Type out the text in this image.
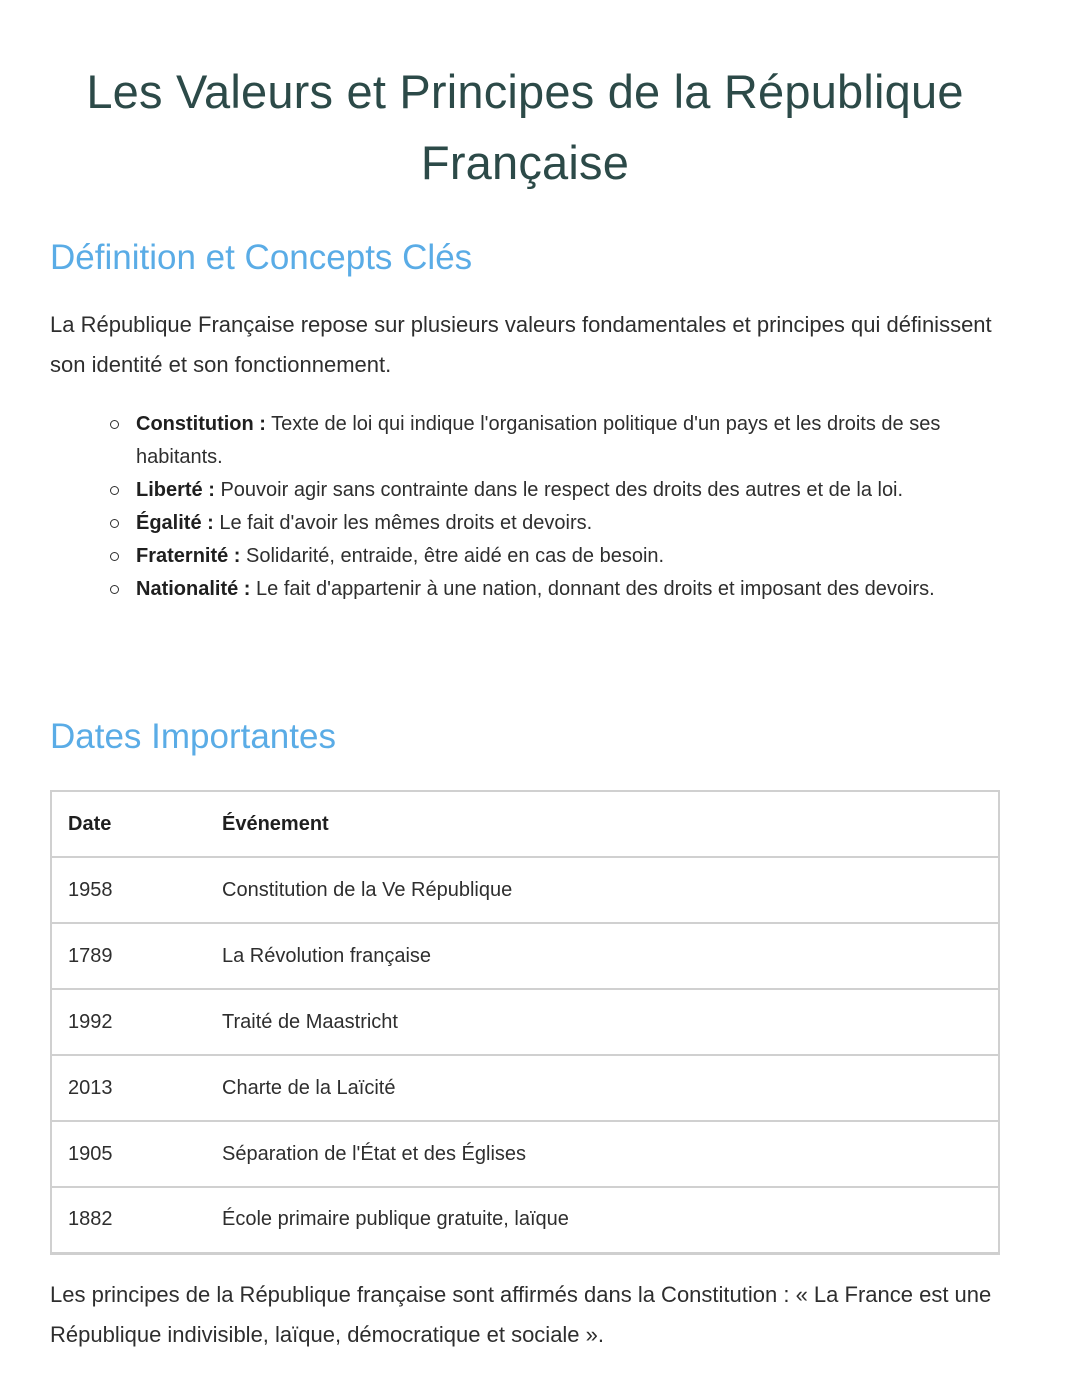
Les Valeurs et Principes de la République Française
Définition et Concepts Clés

La République Française repose sur plusieurs valeurs fondamentales et principes qui définissent son identité et son fonctionnement.

Constitution : Texte de loi qui indique l'organisation politique d'un pays et les droits de ses habitants.
Liberté : Pouvoir agir sans contrainte dans le respect des droits des autres et de la loi.
Égalité : Le fait d'avoir les mêmes droits et devoirs.
Fraternité : Solidarité, entraide, être aidé en cas de besoin.
Nationalité : Le fait d'appartenir à une nation, donnant des droits et imposant des devoirs.
Dates Importantes
Date	Événement
1958	Constitution de la Ve République
1789	La Révolution française
1992	Traité de Maastricht
2013	Charte de la Laïcité
1905	Séparation de l'État et des Églises
1882	École primaire publique gratuite, laïque

Les principes de la République française sont affirmés dans la Constitution : « La France est une République indivisible, laïque, démocratique et sociale ».
